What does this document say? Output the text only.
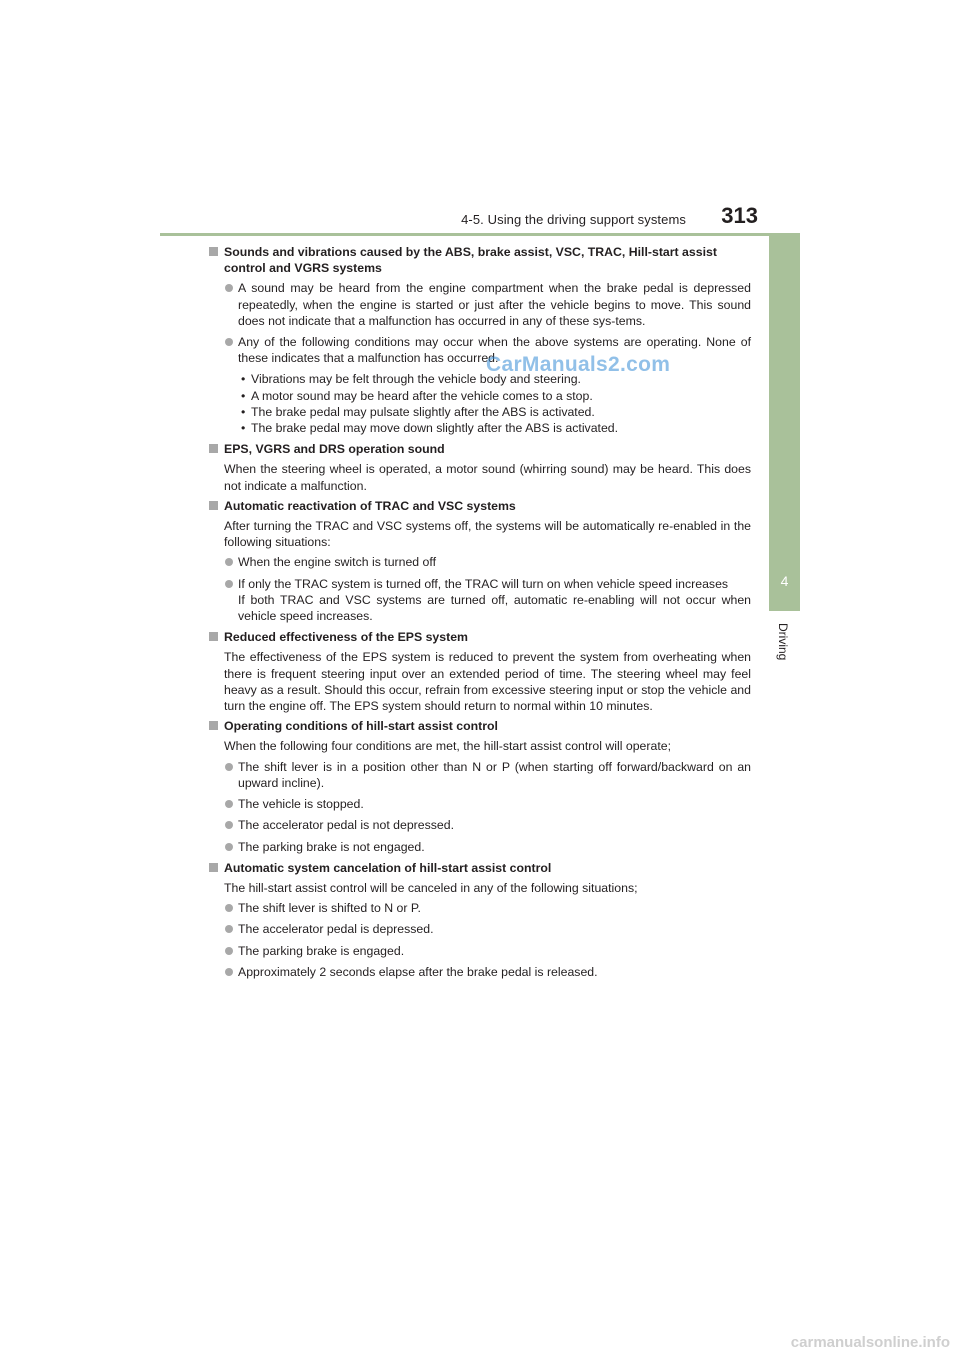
4-5. Using the driving support systems 313
4
Driving
Sounds and vibrations caused by the ABS, brake assist, VSC, TRAC, Hill-start assist control and VGRS systems
A sound may be heard from the engine compartment when the brake pedal is depressed repeatedly, when the engine is started or just after the vehicle begins to move. This sound does not indicate that a malfunction has occurred in any of these sys-tems.
Any of the following conditions may occur when the above systems are operating. None of these indicates that a malfunction has occurred.
• Vibrations may be felt through the vehicle body and steering.
• A motor sound may be heard after the vehicle comes to a stop.
• The brake pedal may pulsate slightly after the ABS is activated.
• The brake pedal may move down slightly after the ABS is activated.
EPS, VGRS and DRS operation sound
When the steering wheel is operated, a motor sound (whirring sound) may be heard. This does not indicate a malfunction.
Automatic reactivation of TRAC and VSC systems
After turning the TRAC and VSC systems off, the systems will be automatically re-enabled in the following situations:
When the engine switch is turned off
If only the TRAC system is turned off, the TRAC will turn on when vehicle speed increases
If both TRAC and VSC systems are turned off, automatic re-enabling will not occur when vehicle speed increases.
Reduced effectiveness of the EPS system
The effectiveness of the EPS system is reduced to prevent the system from overheating when there is frequent steering input over an extended period of time. The steering wheel may feel heavy as a result. Should this occur, refrain from excessive steering input or stop the vehicle and turn the engine off. The EPS system should return to normal within 10 minutes.
Operating conditions of hill-start assist control
When the following four conditions are met, the hill-start assist control will operate;
The shift lever is in a position other than N or P (when starting off forward/backward on an upward incline).
The vehicle is stopped.
The accelerator pedal is not depressed.
The parking brake is not engaged.
Automatic system cancelation of hill-start assist control
The hill-start assist control will be canceled in any of the following situations;
The shift lever is shifted to N or P.
The accelerator pedal is depressed.
The parking brake is engaged.
Approximately 2 seconds elapse after the brake pedal is released.
CarManuals2.com
carmanualsonline.info
